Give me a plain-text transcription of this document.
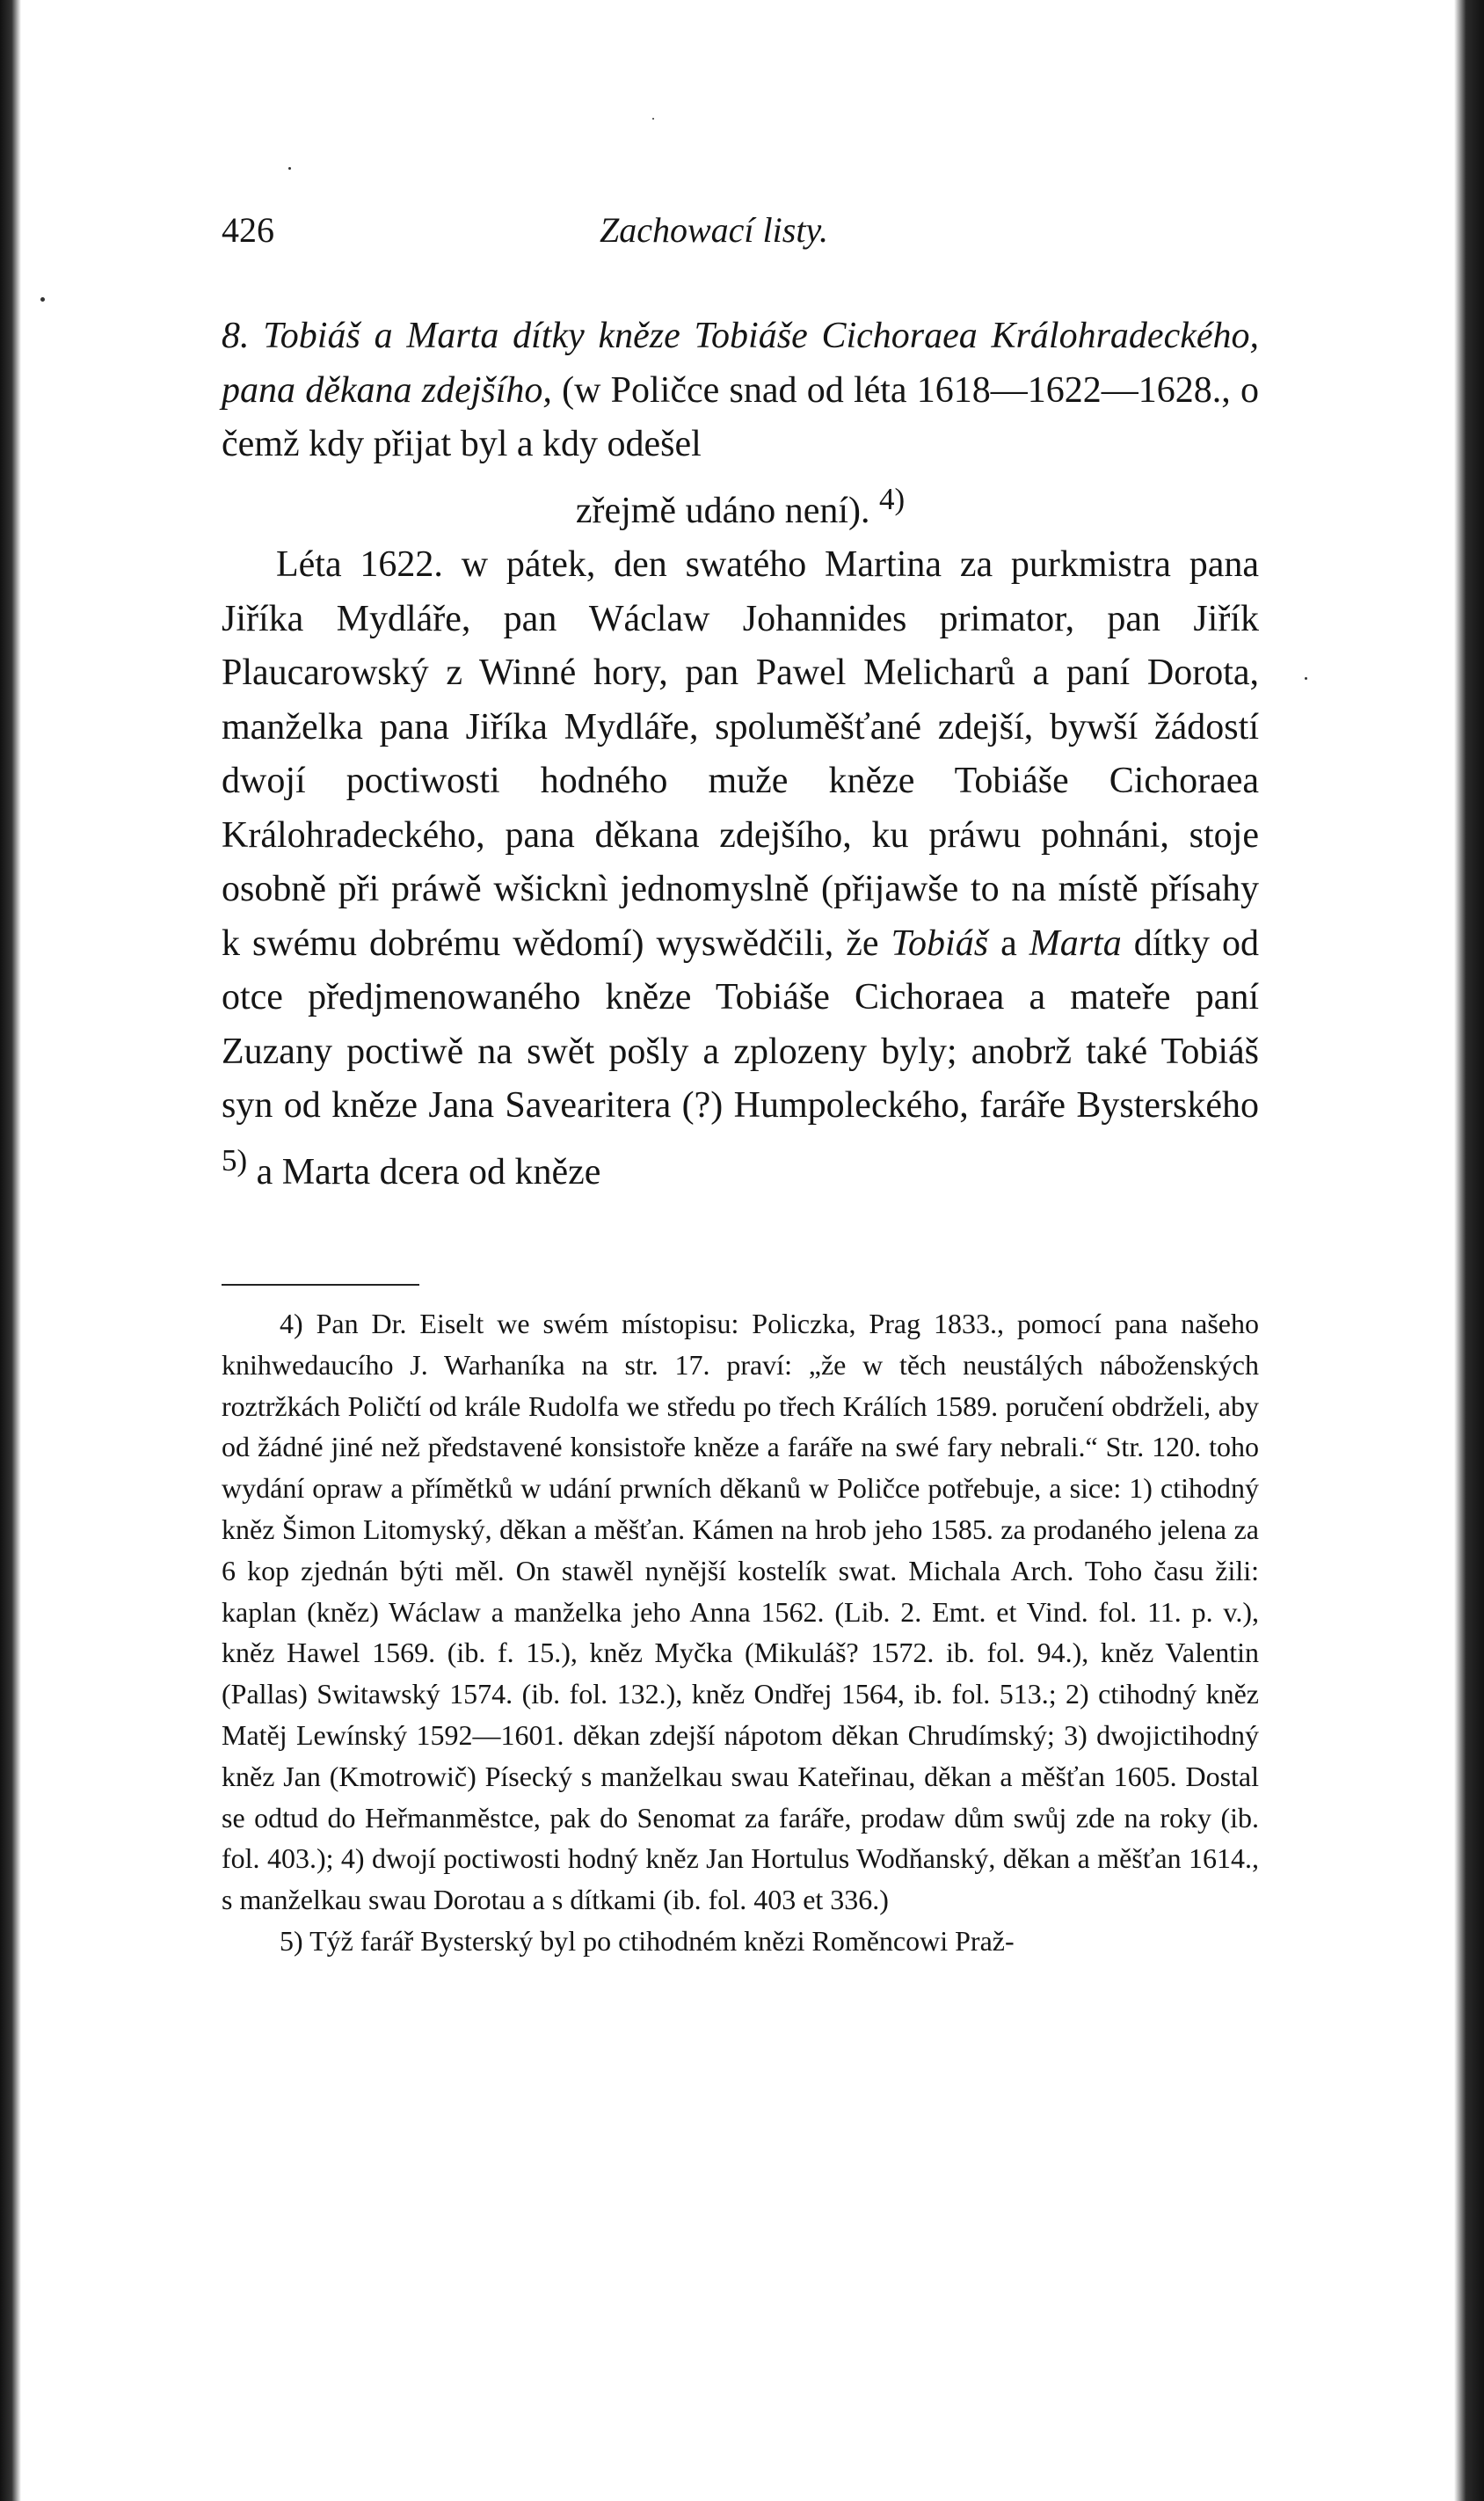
426	Zachowací listy.

8. Tobiáš a Marta dítky kněze Tobiáše Cichoraea Králohradeckého, pana děkana zdejšího, (w Poličce snad od léta 1618—1622—1628., o čemž kdy přijat byl a kdy odešel
zřejmě udáno není). $^{4)}$

Léta 1622. w pátek, den swatého Martina za purkmistra pana Jiříka Mydláře, pan Wáclaw Johannides primator, pan Jiřík Plaucarowský z Winné hory, pan Pawel Melicharů a paní Dorota, manželka pana Jiříka Mydláře, spoluměšťané zdejší, bywší žádostí dwojí poctiwosti hodného muže kněze Tobiáše Cichoraea Králohradeckého, pana děkana zdejšího, ku práwu pohnáni, stoje osobně při práwě wšicknì jednomyslně (přijawše to na místě přísahy k swému dobrému wědomí) wyswědčili, že Tobiáš a Marta dítky od otce předjmenowaného kněze Tobiáše Cichoraea a mateře paní Zuzany poctiwě na swět pošly a zplozeny byly; anobrž také Tobiáš syn od kněze Jana Savearitera (?) Humpoleckého, faráře Bysterského $^{5)}$ a Marta dcera od kněze

4) Pan Dr. Eiselt we swém místopisu: Policzka, Prag 1833., pomocí pana našeho knihwedaucího J. Warhaníka na str. 17. praví: „že w těch neustálých náboženských roztržkách Poličtí od krále Rudolfa we středu po třech Králích 1589. poručení obdrželi, aby od žádné jiné než představené konsistoře kněze a faráře na swé fary nebrali.“ Str. 120. toho wydání opraw a přímětků w udání prwních děkanů w Poličce potřebuje, a sice: 1) ctihodný kněz Šimon Litomyský, děkan a měšťan. Kámen na hrob jeho 1585. za prodaného jelena za 6 kop zjednán býti měl. On stawěl nynější kostelík swat. Michala Arch. Toho času žili: kaplan (kněz) Wáclaw a manželka jeho Anna 1562. (Lib. 2. Emt. et Vind. fol. 11. p. v.), kněz Hawel 1569. (ib. f. 15.), kněz Myčka (Mikuláš? 1572. ib. fol. 94.), kněz Valentin (Pallas) Switawský 1574. (ib. fol. 132.), kněz Ondřej 1564, ib. fol. 513.; 2) ctihodný kněz Matěj Lewínský 1592—1601. děkan zdejší nápotom děkan Chrudímský; 3) dwojictihodný kněz Jan (Kmotrowič) Písecký s manželkau swau Kateřinau, děkan a měšťan 1605. Dostal se odtud do Heřmanměstce, pak do Senomat za faráře, prodaw dům swůj zde na roky (ib. fol. 403.); 4) dwojí poctiwosti hodný kněz Jan Hortulus Wodňanský, děkan a měšťan 1614., s manželkau swau Dorotau a s dítkami (ib. fol. 403 et 336.)

5) Týž farář Bysterský byl po ctihodném knězi Roměncowi Praž-
